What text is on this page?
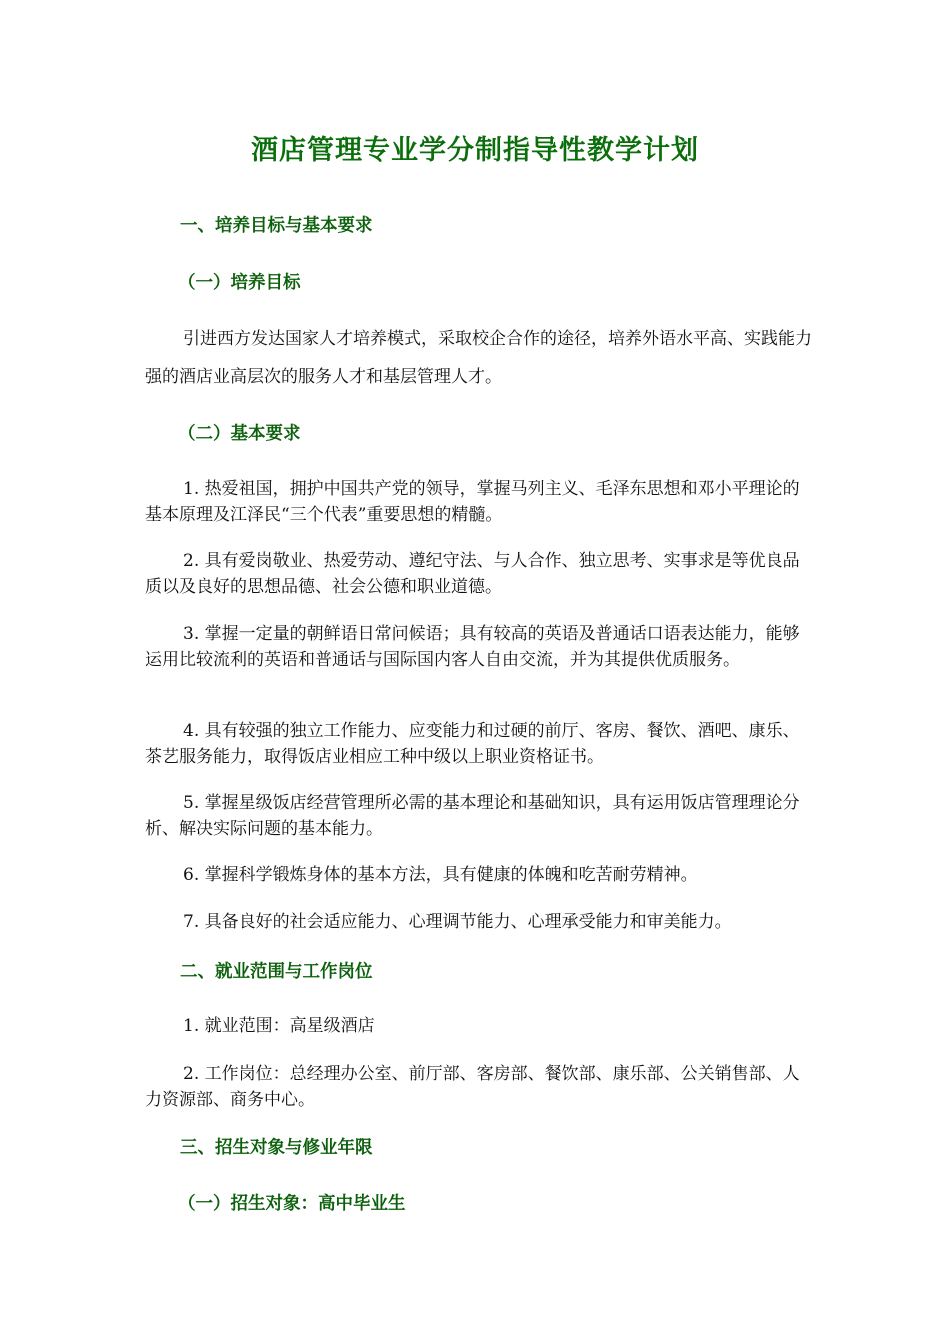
酒店管理专业学分制指导性教学计划
一、培养目标与基本要求
（一）培养目标
引进西方发达国家人才培养模式，采取校企合作的途径，培养外语水平高、实践能力强的酒店业高层次的服务人才和基层管理人才。
（二）基本要求
1. 热爱祖国，拥护中国共产党的领导，掌握马列主义、毛泽东思想和邓小平理论的基本原理及江泽民“三个代表”重要思想的精髓。
2. 具有爱岗敬业、热爱劳动、遵纪守法、与人合作、独立思考、实事求是等优良品质以及良好的思想品德、社会公德和职业道德。
3. 掌握一定量的朝鲜语日常问候语；具有较高的英语及普通话口语表达能力，能够运用比较流利的英语和普通话与国际国内客人自由交流，并为其提供优质服务。
4. 具有较强的独立工作能力、应变能力和过硬的前厅、客房、餐饮、酒吧、康乐、茶艺服务能力，取得饭店业相应工种中级以上职业资格证书。
5. 掌握星级饭店经营管理所必需的基本理论和基础知识，具有运用饭店管理理论分析、解决实际问题的基本能力。
6. 掌握科学锻炼身体的基本方法，具有健康的体魄和吃苦耐劳精神。
7. 具备良好的社会适应能力、心理调节能力、心理承受能力和审美能力。
二、就业范围与工作岗位
1. 就业范围：高星级酒店
2. 工作岗位：总经理办公室、前厅部、客房部、餐饮部、康乐部、公关销售部、人力资源部、商务中心。
三、招生对象与修业年限
（一）招生对象：高中毕业生
